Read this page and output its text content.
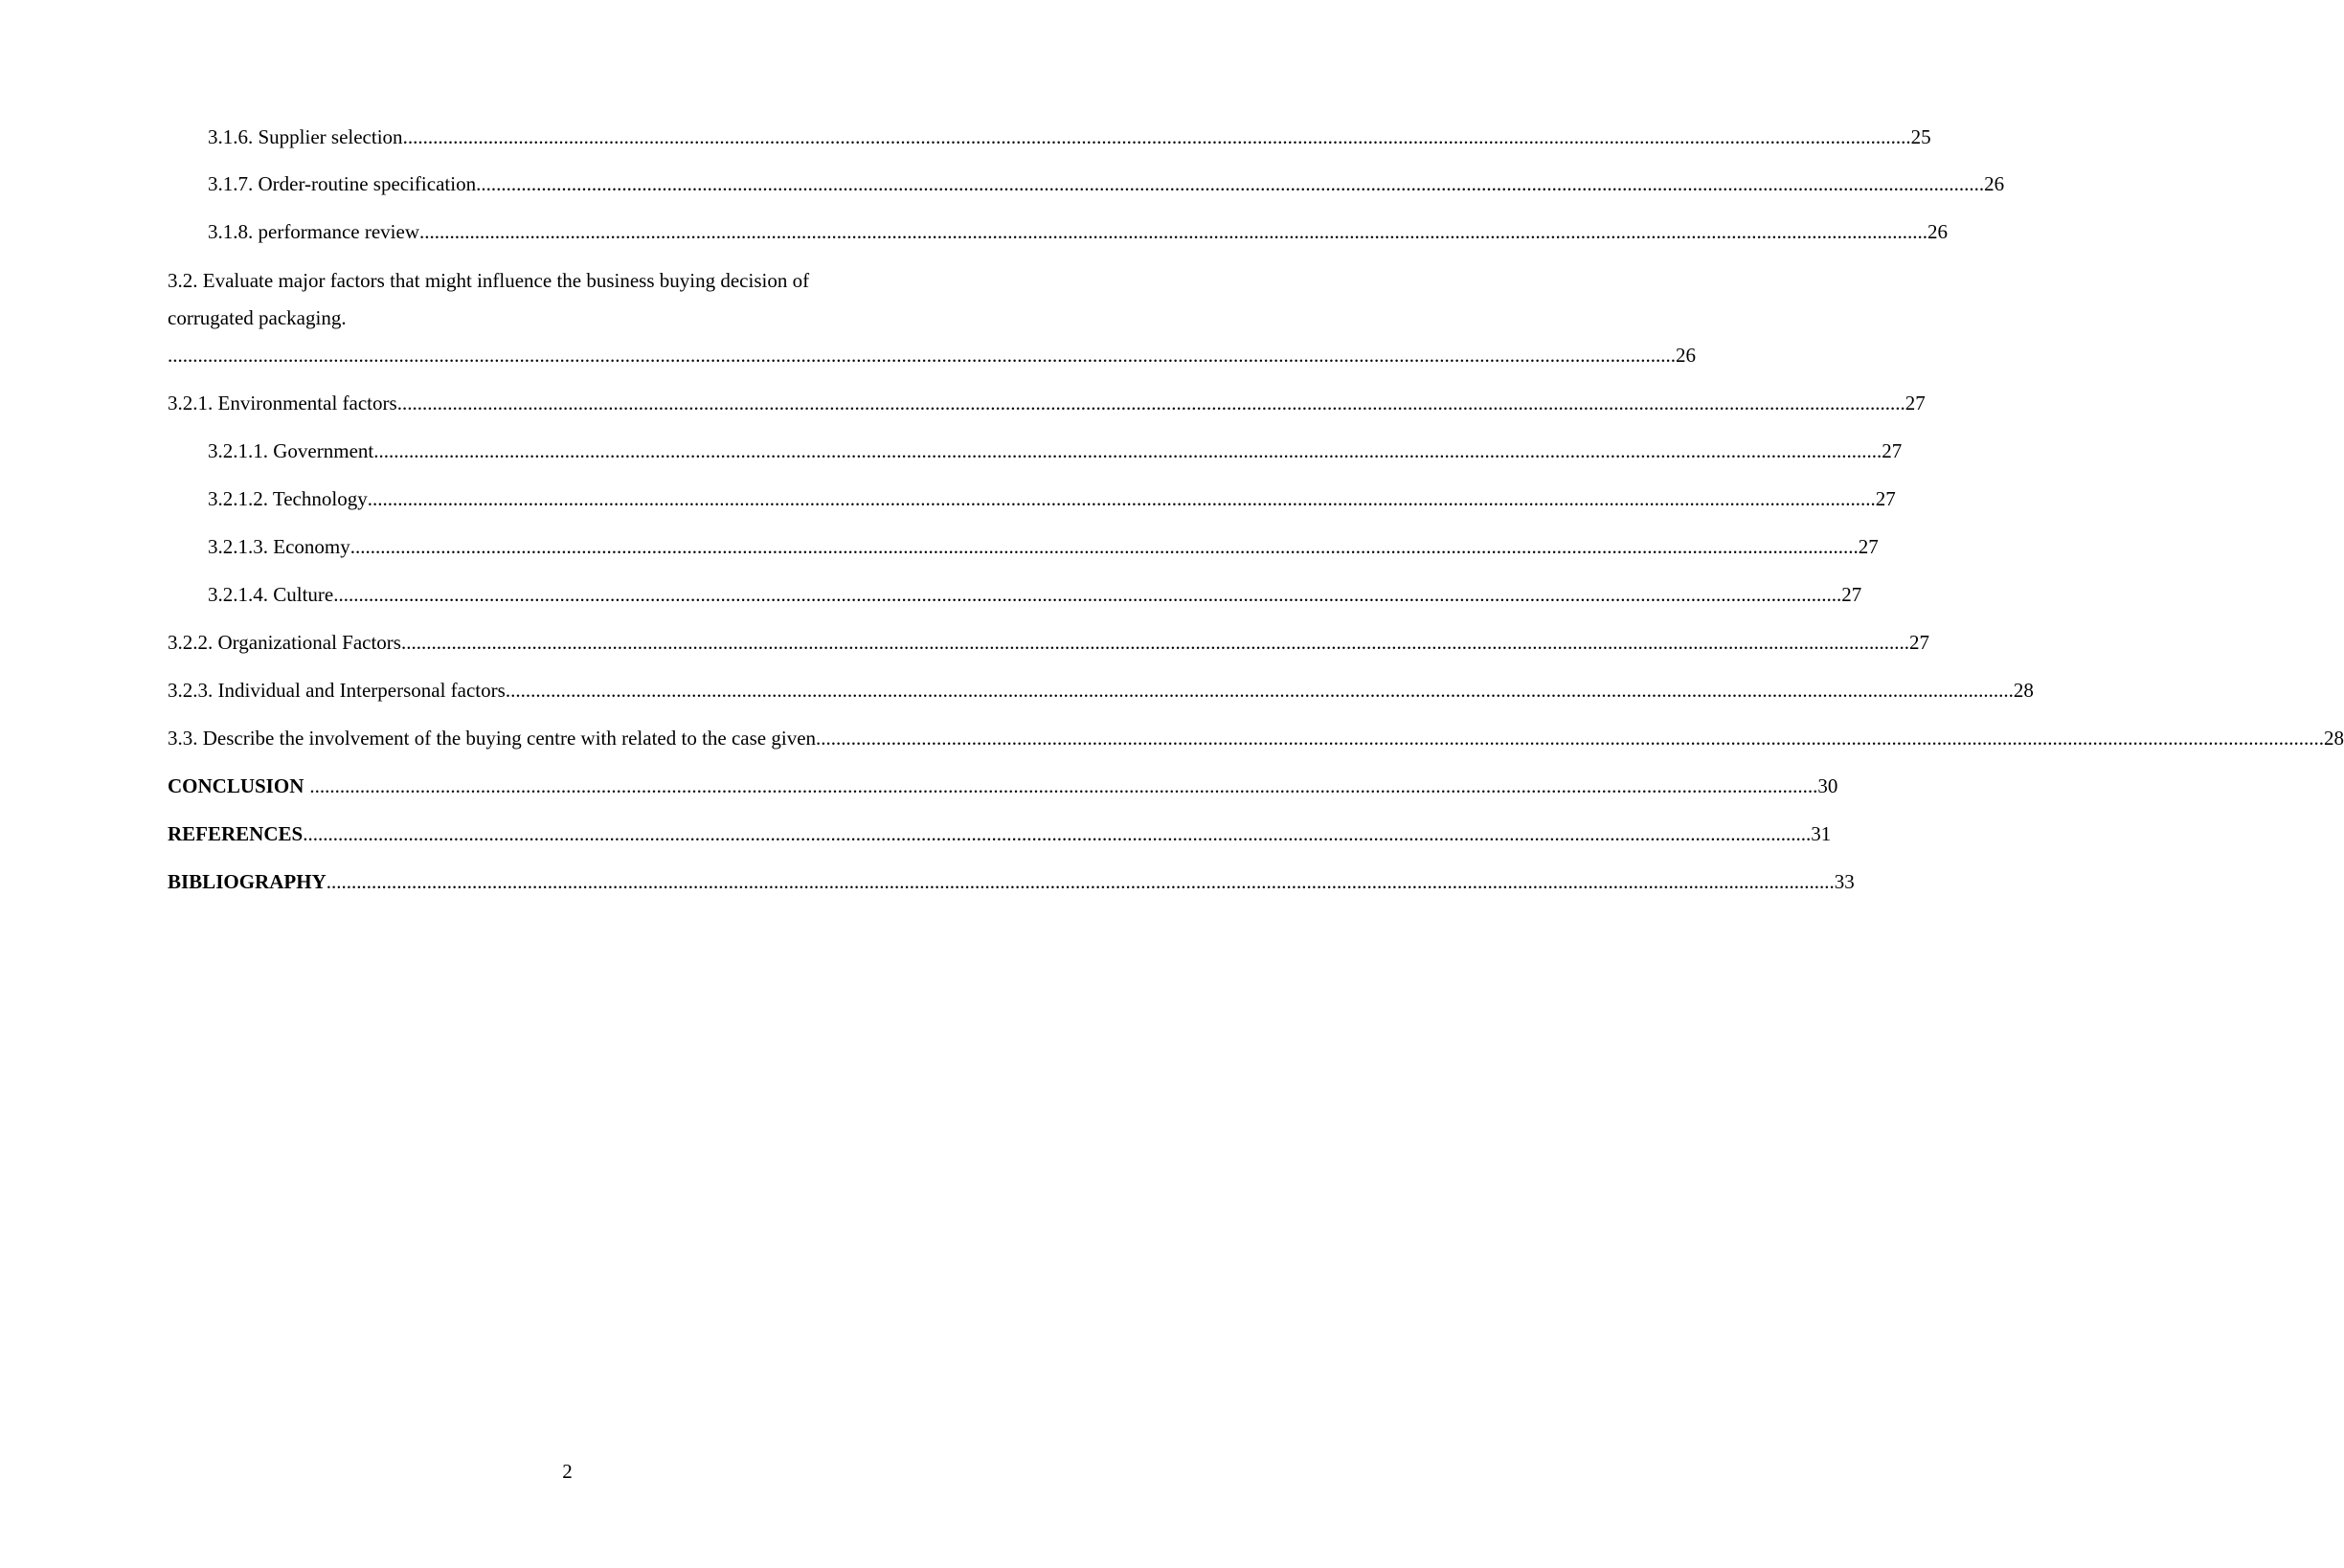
3.1.6. Supplier selection ............................................................................................................................................................................................................................................................................................................ 25
3.1.7. Order-routine specification ............................................................................................................................................................................................................................................................................................................ 26
3.1.8. performance review ............................................................................................................................................................................................................................................................................................................ 26
3.2. Evaluate major factors that might influence the business buying decision of
corrugated packaging.
............................................................................................................................................................................................................................................................................................................ 26
3.2.1. Environmental factors ............................................................................................................................................................................................................................................................................................................ 27
3.2.1.1. Government ............................................................................................................................................................................................................................................................................................................ 27
3.2.1.2. Technology ............................................................................................................................................................................................................................................................................................................ 27
3.2.1.3. Economy ............................................................................................................................................................................................................................................................................................................ 27
3.2.1.4. Culture ............................................................................................................................................................................................................................................................................................................ 27
3.2.2. Organizational Factors ............................................................................................................................................................................................................................................................................................................ 27
3.2.3. Individual and Interpersonal factors ............................................................................................................................................................................................................................................................................................................ 28
3.3. Describe the involvement of the buying centre with related to the case given ............................................................................................................................................................................................................................................................................................................ 28
CONCLUSION ............................................................................................................................................................................................................................................................................................................ 30
REFERENCES ............................................................................................................................................................................................................................................................................................................ 31
BIBLIOGRAPHY ............................................................................................................................................................................................................................................................................................................ 33
2
